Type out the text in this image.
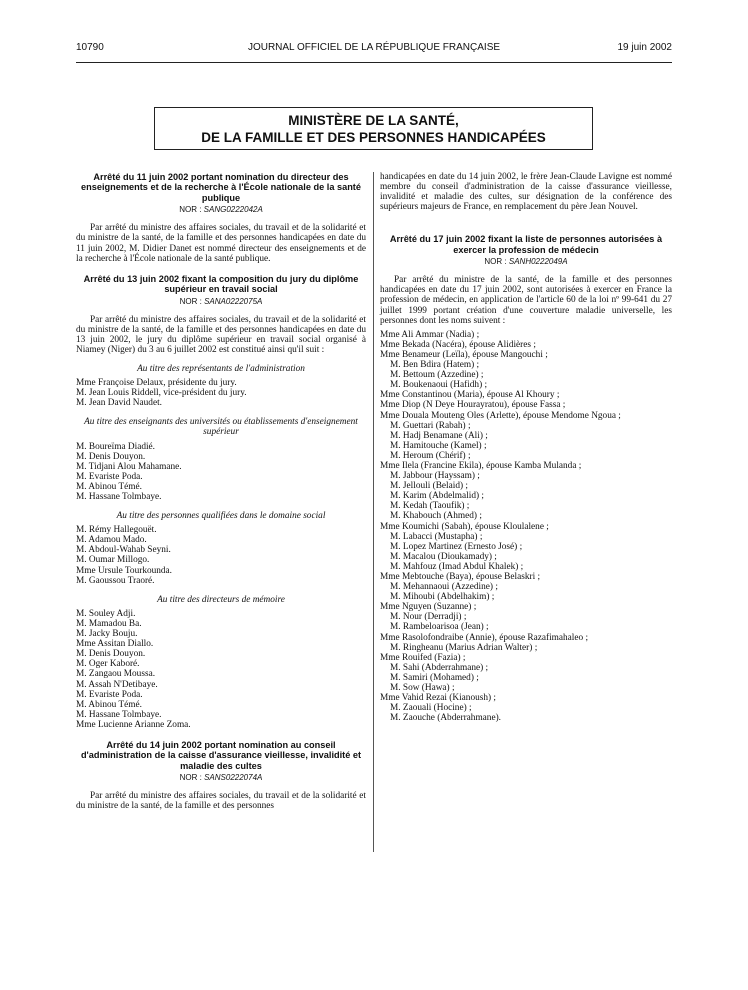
10790	JOURNAL OFFICIEL DE LA RÉPUBLIQUE FRANÇAISE	19 juin 2002
MINISTÈRE DE LA SANTÉ,
DE LA FAMILLE ET DES PERSONNES HANDICAPÉES
Arrêté du 11 juin 2002 portant nomination du directeur des enseignements et de la recherche à l'École nationale de la santé publique
NOR : SANG0222042A

Par arrêté du ministre des affaires sociales, du travail et de la solidarité et du ministre de la santé, de la famille et des personnes handicapées en date du 11 juin 2002, M. Didier Danet est nommé directeur des enseignements et de la recherche à l'École nationale de la santé publique.

Arrêté du 13 juin 2002 fixant la composition du jury du diplôme supérieur en travail social
NOR : SANA0222075A

Par arrêté du ministre des affaires sociales, du travail et de la solidarité et du ministre de la santé, de la famille et des personnes handicapées en date du 13 juin 2002, le jury du diplôme supérieur en travail social organisé à Niamey (Niger) du 3 au 6 juillet 2002 est constitué ainsi qu'il suit :

Au titre des représentants de l'administration
Mme Françoise Delaux, présidente du jury.
M. Jean Louis Riddell, vice-président du jury.
M. Jean David Naudet.
Au titre des enseignants des universités ou établissements d'enseignement supérieur
M. Boureïma Diadié.
M. Denis Douyon.
M. Tidjani Alou Mahamane.
M. Evariste Poda.
M. Abinou Témé.
M. Hassane Tolmbaye.
Au titre des personnes qualifiées dans le domaine social
M. Rémy Hallegouët.
M. Adamou Mado.
M. Abdoul-Wahab Seyni.
M. Oumar Millogo.
Mme Ursule Tourkounda.
M. Gaoussou Traoré.
Au titre des directeurs de mémoire
M. Souley Adji.
M. Mamadou Ba.
M. Jacky Bouju.
Mme Assitan Diallo.
M. Denis Douyon.
M. Oger Kaboré.
M. Zangaou Moussa.
M. Assah N'Detibaye.
M. Evariste Poda.
M. Abinou Témé.
M. Hassane Tolmbaye.
Mme Lucienne Arianne Zoma.
Arrêté du 14 juin 2002 portant nomination au conseil d'administration de la caisse d'assurance vieillesse, invalidité et maladie des cultes
NOR : SANS0222074A

Par arrêté du ministre des affaires sociales, du travail et de la solidarité et du ministre de la santé, de la famille et des personnes

handicapées en date du 14 juin 2002, le frère Jean-Claude Lavigne est nommé membre du conseil d'administration de la caisse d'assurance vieillesse, invalidité et maladie des cultes, sur désignation de la conférence des supérieurs majeurs de France, en remplacement du père Jean Nouvel.

Arrêté du 17 juin 2002 fixant la liste de personnes autorisées à exercer la profession de médecin
NOR : SANH0222049A

Par arrêté du ministre de la santé, de la famille et des personnes handicapées en date du 17 juin 2002, sont autorisées à exercer en France la profession de médecin, en application de l'article 60 de la loi nº 99-641 du 27 juillet 1999 portant création d'une couverture maladie universelle, les personnes dont les noms suivent :

Mme Ali Ammar (Nadia) ;
Mme Bekada (Nacéra), épouse Alidières ;
Mme Benameur (Leïla), épouse Mangouchi ;
M. Ben Bdira (Hatem) ;
M. Bettoum (Azzedine) ;
M. Boukenaoui (Hafidh) ;
Mme Constantinou (Maria), épouse Al Khoury ;
Mme Diop (N Deye Hourayratou), épouse Fassa ;
Mme Douala Mouteng Oles (Arlette), épouse Mendome Ngoua ;
M. Guettari (Rabah) ;
M. Hadj Benamane (Ali) ;
M. Hamitouche (Kamel) ;
M. Heroum (Chérif) ;
Mme Ilela (Francine Ekila), épouse Kamba Mulanda ;
M. Jabbour (Hayssam) ;
M. Jellouli (Belaid) ;
M. Karim (Abdelmalid) ;
M. Kedah (Taoufik) ;
M. Khabouch (Ahmed) ;
Mme Koumichi (Sabah), épouse Kloulalene ;
M. Labacci (Mustapha) ;
M. Lopez Martinez (Ernesto José) ;
M. Macalou (Dioukamady) ;
M. Mahfouz (Imad Abdul Khalek) ;
Mme Mebtouche (Baya), épouse Belaskri ;
M. Mehannaoui (Azzedine) ;
M. Mihoubi (Abdelhakim) ;
Mme Nguyen (Suzanne) ;
M. Nour (Derradji) ;
M. Rambeloarisoa (Jean) ;
Mme Rasolofondraibe (Annie), épouse Razafimahaleo ;
M. Ringheanu (Marius Adrian Walter) ;
Mme Rouifed (Fazia) ;
M. Sahi (Abderrahmane) ;
M. Samiri (Mohamed) ;
M. Sow (Hawa) ;
Mme Vahid Rezai (Kianoush) ;
M. Zaouali (Hocine) ;
M. Zaouche (Abderrahmane).
